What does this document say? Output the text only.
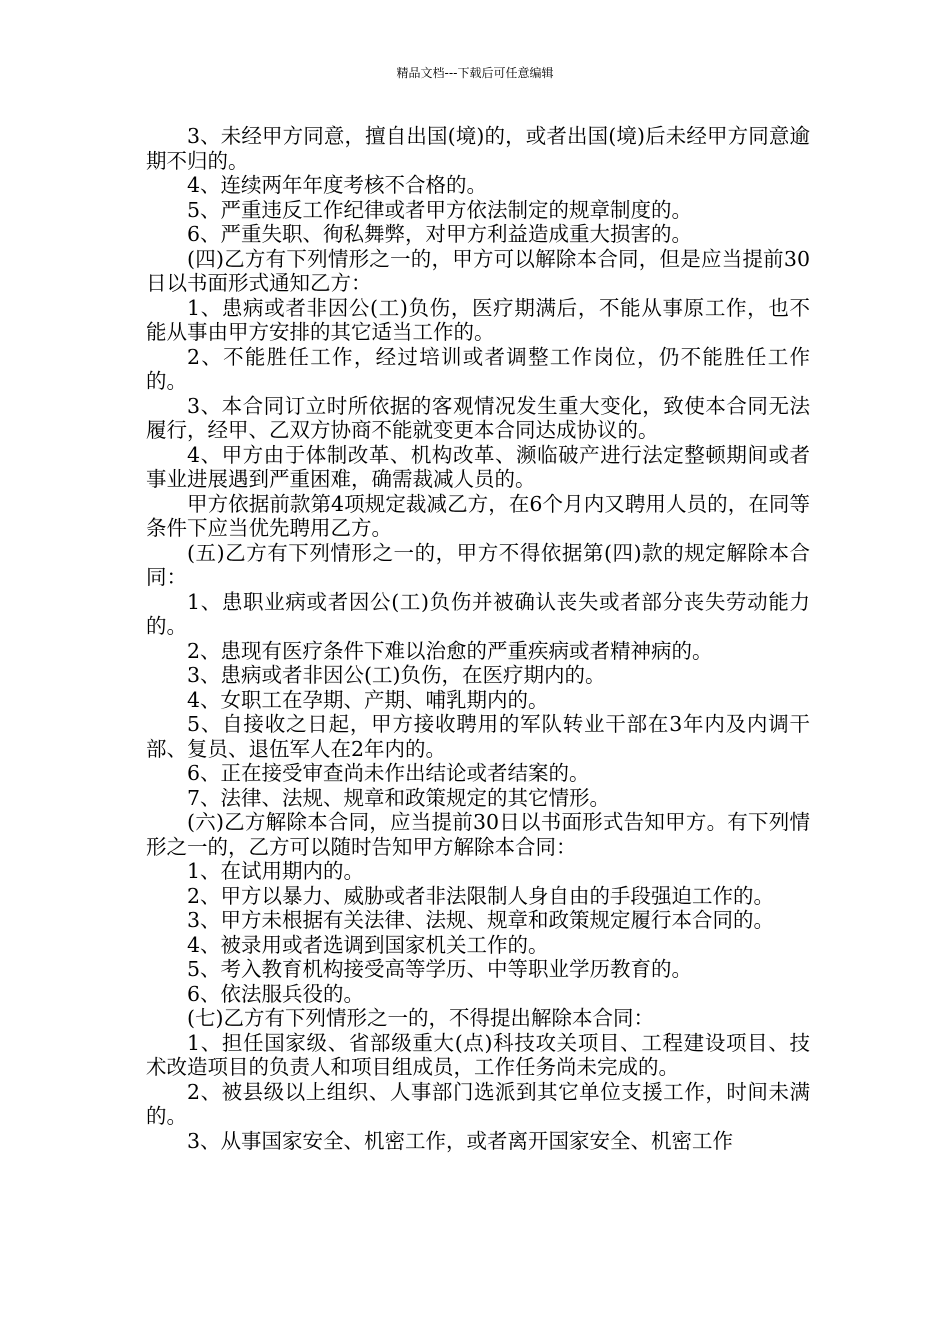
精品文档---下载后可任意编辑

3、未经甲方同意，擅自出国(境)的，或者出国(境)后未经甲方同意逾期不归的。

4、连续两年年度考核不合格的。

5、严重违反工作纪律或者甲方依法制定的规章制度的。

6、严重失职、徇私舞弊，对甲方利益造成重大损害的。

(四)乙方有下列情形之一的，甲方可以解除本合同，但是应当提前30日以书面形式通知乙方：

1、患病或者非因公(工)负伤，医疗期满后，不能从事原工作，也不能从事由甲方安排的其它适当工作的。

2、不能胜任工作，经过培训或者调整工作岗位，仍不能胜任工作的。

3、本合同订立时所依据的客观情况发生重大变化，致使本合同无法履行，经甲、乙双方协商不能就变更本合同达成协议的。

4、甲方由于体制改革、机构改革、濒临破产进行法定整顿期间或者事业进展遇到严重困难，确需裁减人员的。

甲方依据前款第4项规定裁减乙方，在6个月内又聘用人员的，在同等条件下应当优先聘用乙方。

(五)乙方有下列情形之一的，甲方不得依据第(四)款的规定解除本合同：

1、患职业病或者因公(工)负伤并被确认丧失或者部分丧失劳动能力的。

2、患现有医疗条件下难以治愈的严重疾病或者精神病的。

3、患病或者非因公(工)负伤，在医疗期内的。

4、女职工在孕期、产期、哺乳期内的。

5、自接收之日起，甲方接收聘用的军队转业干部在3年内及内调干部、复员、退伍军人在2年内的。

6、正在接受审查尚未作出结论或者结案的。

7、法律、法规、规章和政策规定的其它情形。

(六)乙方解除本合同，应当提前30日以书面形式告知甲方。有下列情形之一的，乙方可以随时告知甲方解除本合同：

1、在试用期内的。

2、甲方以暴力、威胁或者非法限制人身自由的手段强迫工作的。

3、甲方未根据有关法律、法规、规章和政策规定履行本合同的。

4、被录用或者选调到国家机关工作的。

5、考入教育机构接受高等学历、中等职业学历教育的。

6、依法服兵役的。

(七)乙方有下列情形之一的，不得提出解除本合同：

1、担任国家级、省部级重大(点)科技攻关项目、工程建设项目、技术改造项目的负责人和项目组成员，工作任务尚未完成的。

2、被县级以上组织、人事部门选派到其它单位支援工作，时间未满的。

3、从事国家安全、机密工作，或者离开国家安全、机密工作
